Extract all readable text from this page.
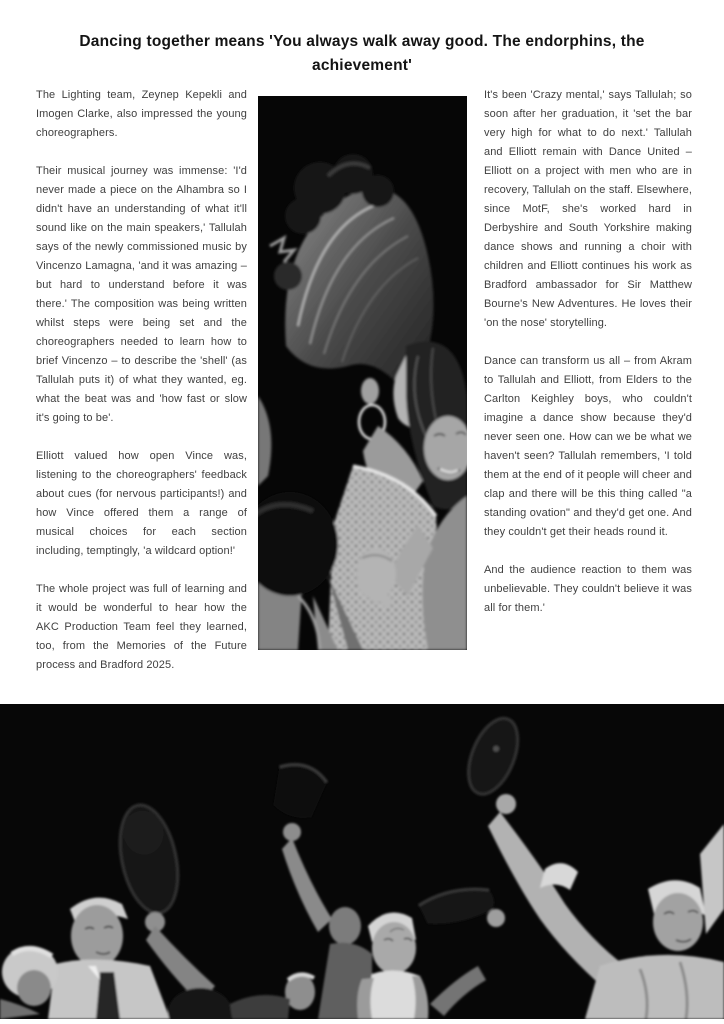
Dancing together means 'You always walk away good. The endorphins, the achievement'

The Lighting team, Zeynep Kepekli and Imogen Clarke, also impressed the young choreographers.

Their musical journey was immense: 'I'd never made a piece on the Alhambra so I didn't have an understanding of what it'll sound like on the main speakers,' Tallulah says of the newly commissioned music by Vincenzo Lamagna, 'and it was amazing – but hard to understand before it was there.' The composition was being written whilst steps were being set and the choreographers needed to learn how to brief Vincenzo – to describe the 'shell' (as Tallulah puts it) of what they wanted, eg. what the beat was and 'how fast or slow it's going to be'.

Elliott valued how open Vince was, listening to the choreographers' feedback about cues (for nervous participants!) and how Vince offered them a range of musical choices for each section including, temptingly, 'a wildcard option!'

The whole project was full of learning and it would be wonderful to hear how the AKC Production Team feel they learned, too, from the Memories of the Future process and Bradford 2025.

It's been 'Crazy mental,' says Tallulah; so soon after her graduation, it 'set the bar very high for what to do next.' Tallulah and Elliott remain with Dance United – Elliott on a project with men who are in recovery, Tallulah on the staff. Elsewhere, since MotF, she's worked hard in Derbyshire and South Yorkshire making dance shows and running a choir with children and Elliott continues his work as Bradford ambassador for Sir Matthew Bourne's New Adventures. He loves their 'on the nose' storytelling.

Dance can transform us all – from Akram to Tallulah and Elliott, from Elders to the Carlton Keighley boys, who couldn't imagine a dance show because they'd never seen one. How can we be what we haven't seen? Tallulah remembers, 'I told them at the end of it people will cheer and clap and there will be this thing called "a standing ovation" and they'd get one. And they couldn't get their heads round it.

And the audience reaction to them was unbelievable. They couldn't believe it was all for them.'
